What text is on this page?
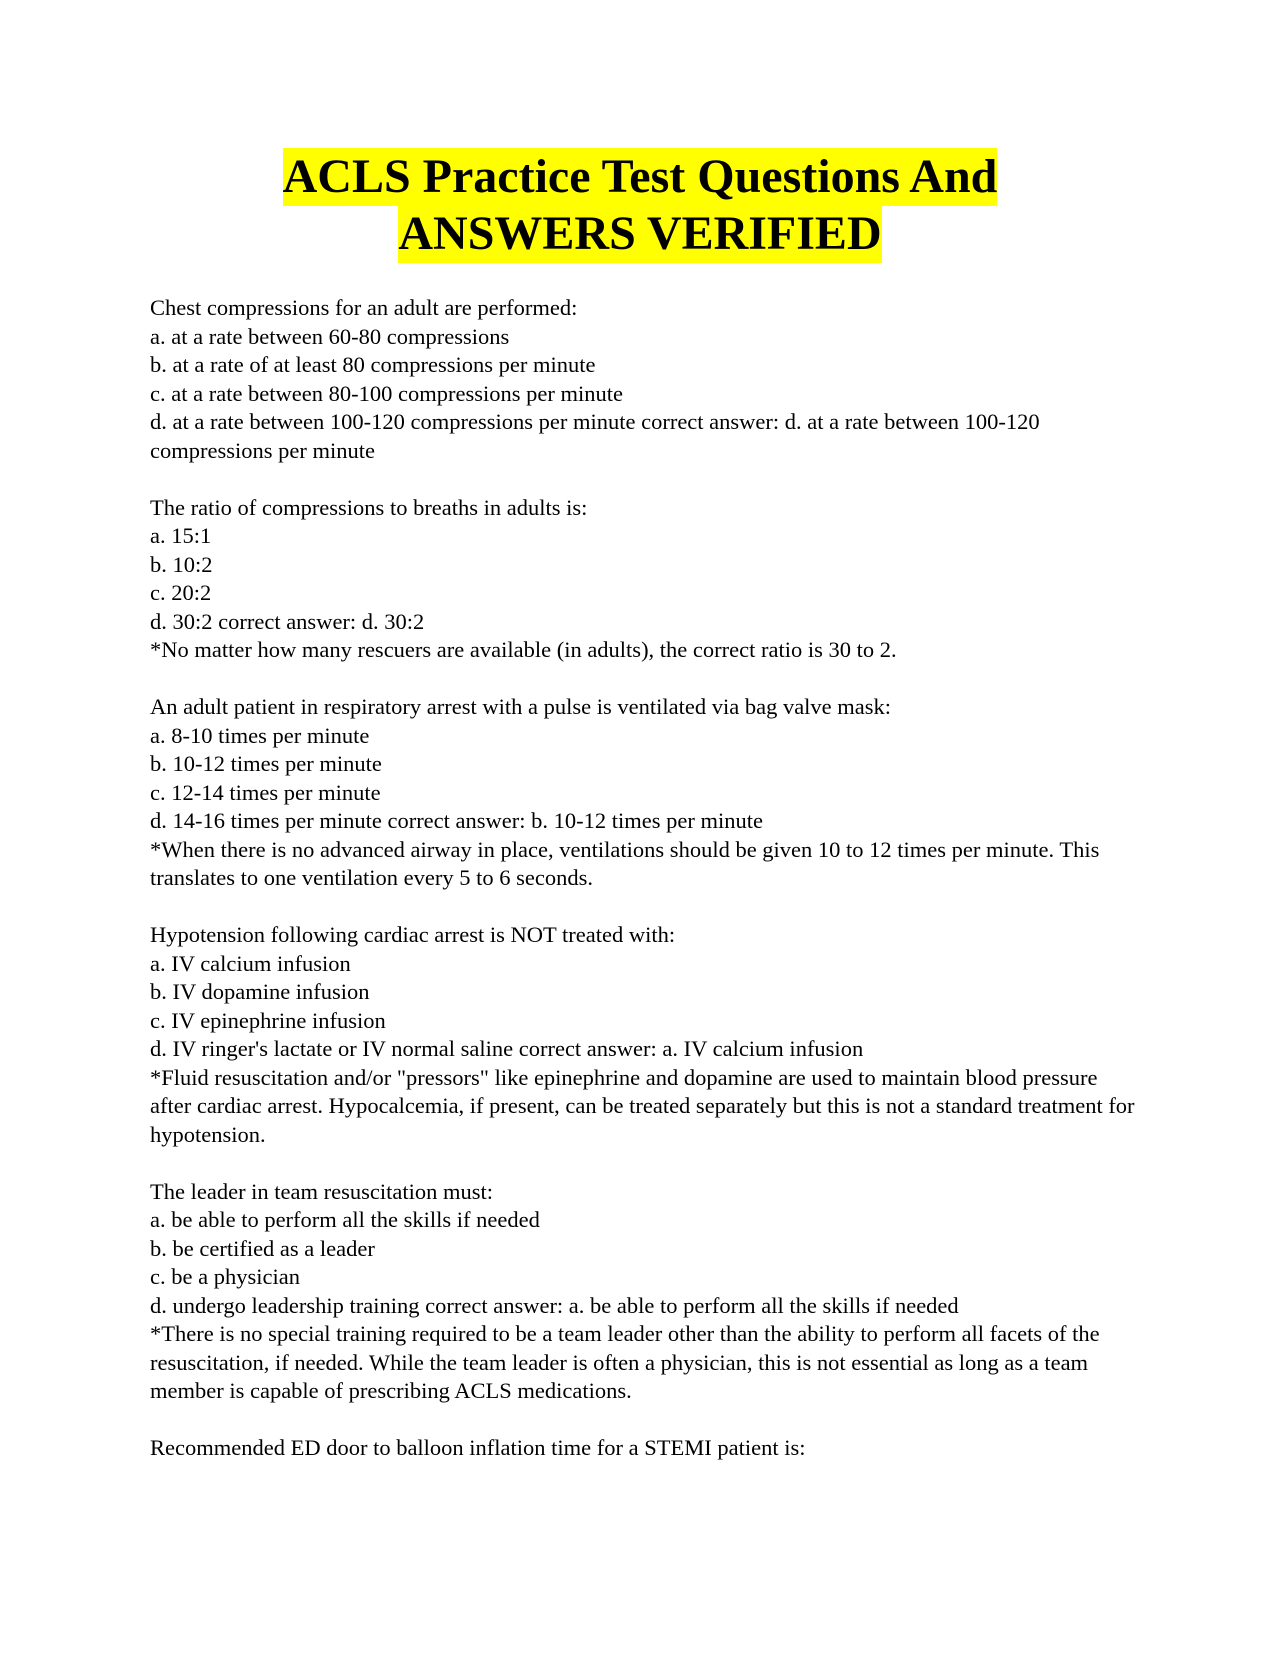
ACLS Practice Test Questions And
ANSWERS VERIFIED
Chest compressions for an adult are performed:
a. at a rate between 60-80 compressions
b. at a rate of at least 80 compressions per minute
c. at a rate between 80-100 compressions per minute
d. at a rate between 100-120 compressions per minute correct answer: d. at a rate between 100-120 compressions per minute
The ratio of compressions to breaths in adults is:
a. 15:1
b. 10:2
c. 20:2
d. 30:2 correct answer: d. 30:2
*No matter how many rescuers are available (in adults), the correct ratio is 30 to 2.
An adult patient in respiratory arrest with a pulse is ventilated via bag valve mask:
a. 8-10 times per minute
b. 10-12 times per minute
c. 12-14 times per minute
d. 14-16 times per minute correct answer: b. 10-12 times per minute
*When there is no advanced airway in place, ventilations should be given 10 to 12 times per minute. This translates to one ventilation every 5 to 6 seconds.
Hypotension following cardiac arrest is NOT treated with:
a. IV calcium infusion
b. IV dopamine infusion
c. IV epinephrine infusion
d. IV ringer's lactate or IV normal saline correct answer: a. IV calcium infusion
*Fluid resuscitation and/or "pressors" like epinephrine and dopamine are used to maintain blood pressure after cardiac arrest. Hypocalcemia, if present, can be treated separately but this is not a standard treatment for hypotension.
The leader in team resuscitation must:
a. be able to perform all the skills if needed
b. be certified as a leader
c. be a physician
d. undergo leadership training correct answer: a. be able to perform all the skills if needed
*There is no special training required to be a team leader other than the ability to perform all facets of the resuscitation, if needed. While the team leader is often a physician, this is not essential as long as a team member is capable of prescribing ACLS medications.
Recommended ED door to balloon inflation time for a STEMI patient is:
